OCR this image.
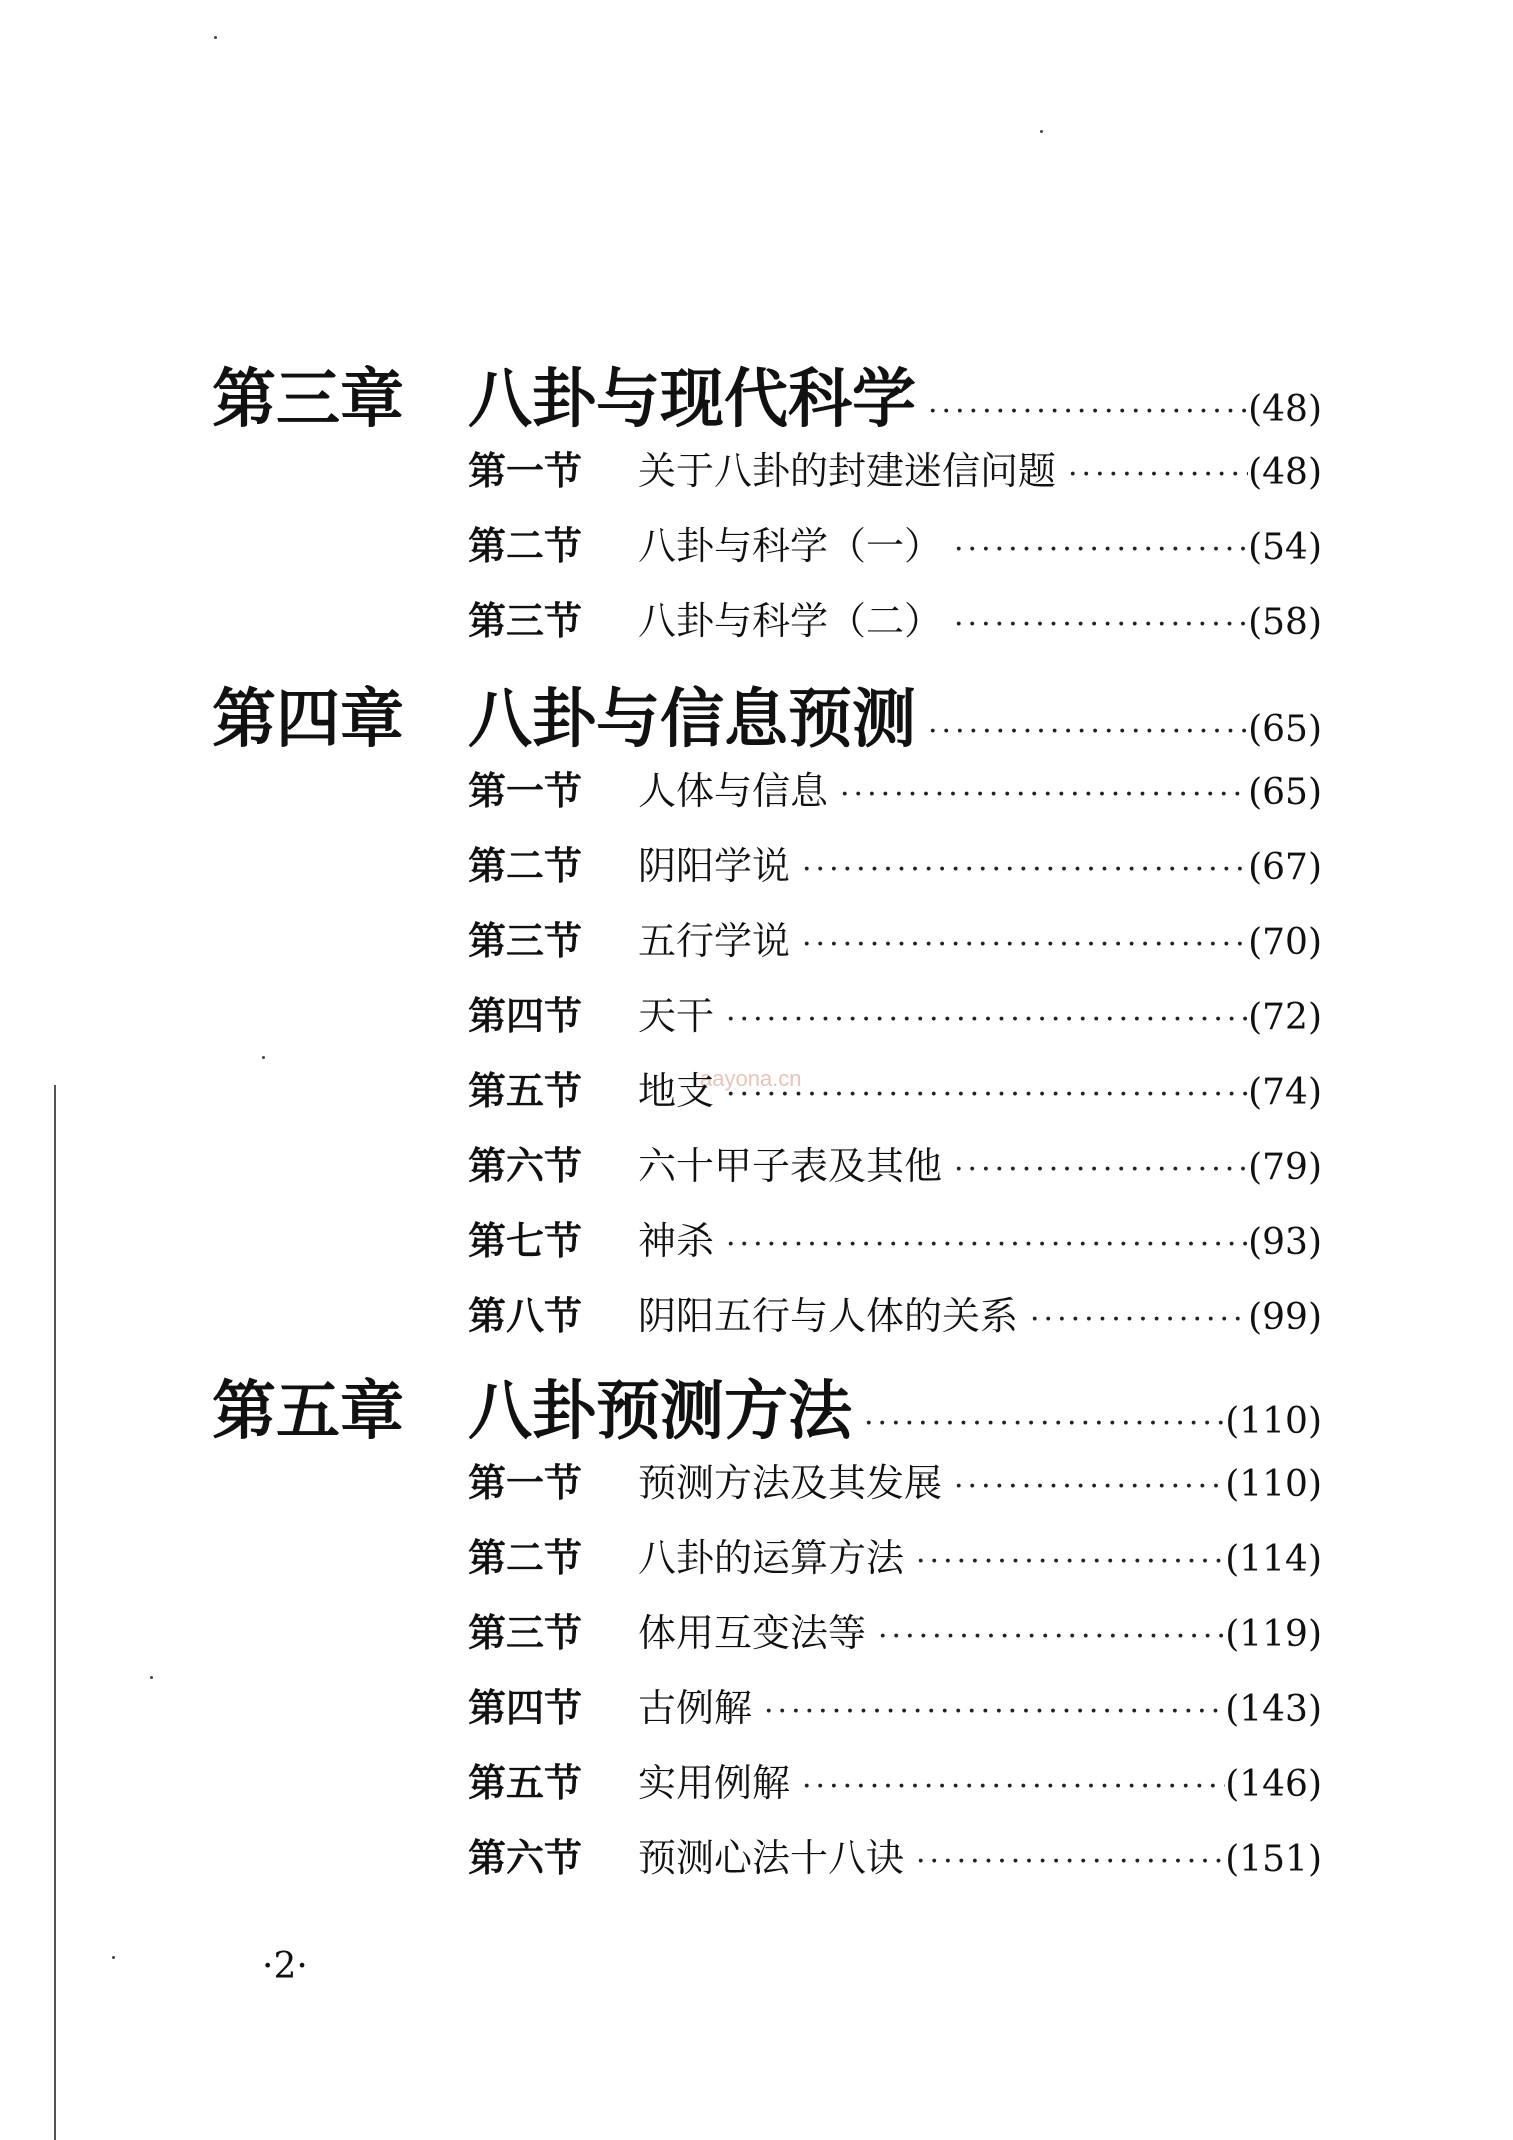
aayona.cn
第三章	八卦与现代科学 ·····	(48)
第一节	关于八卦的封建迷信问题 ·····	(48)
第二节	八卦与科学（一） ·····	(54)
第三节	八卦与科学（二） ·····	(58)
第四章	八卦与信息预测 ·····	(65)
第一节	人体与信息 ·····	(65)
第二节	阴阳学说 ·····	(67)
第三节	五行学说 ·····	(70)
第四节	天干 ·····	(72)
第五节	地支 ·····	(74)
第六节	六十甲子表及其他 ·····	(79)
第七节	神杀 ·····	(93)
第八节	阴阳五行与人体的关系 ·····	(99)
第五章	八卦预测方法 ·····	(110)
第一节	预测方法及其发展 ·····	(110)
第二节	八卦的运算方法 ·····	(114)
第三节	体用互变法等 ·····	(119)
第四节	古例解 ·····	(143)
第五节	实用例解 ·····	(146)
第六节	预测心法十八诀 ·····	(151)
·2·
